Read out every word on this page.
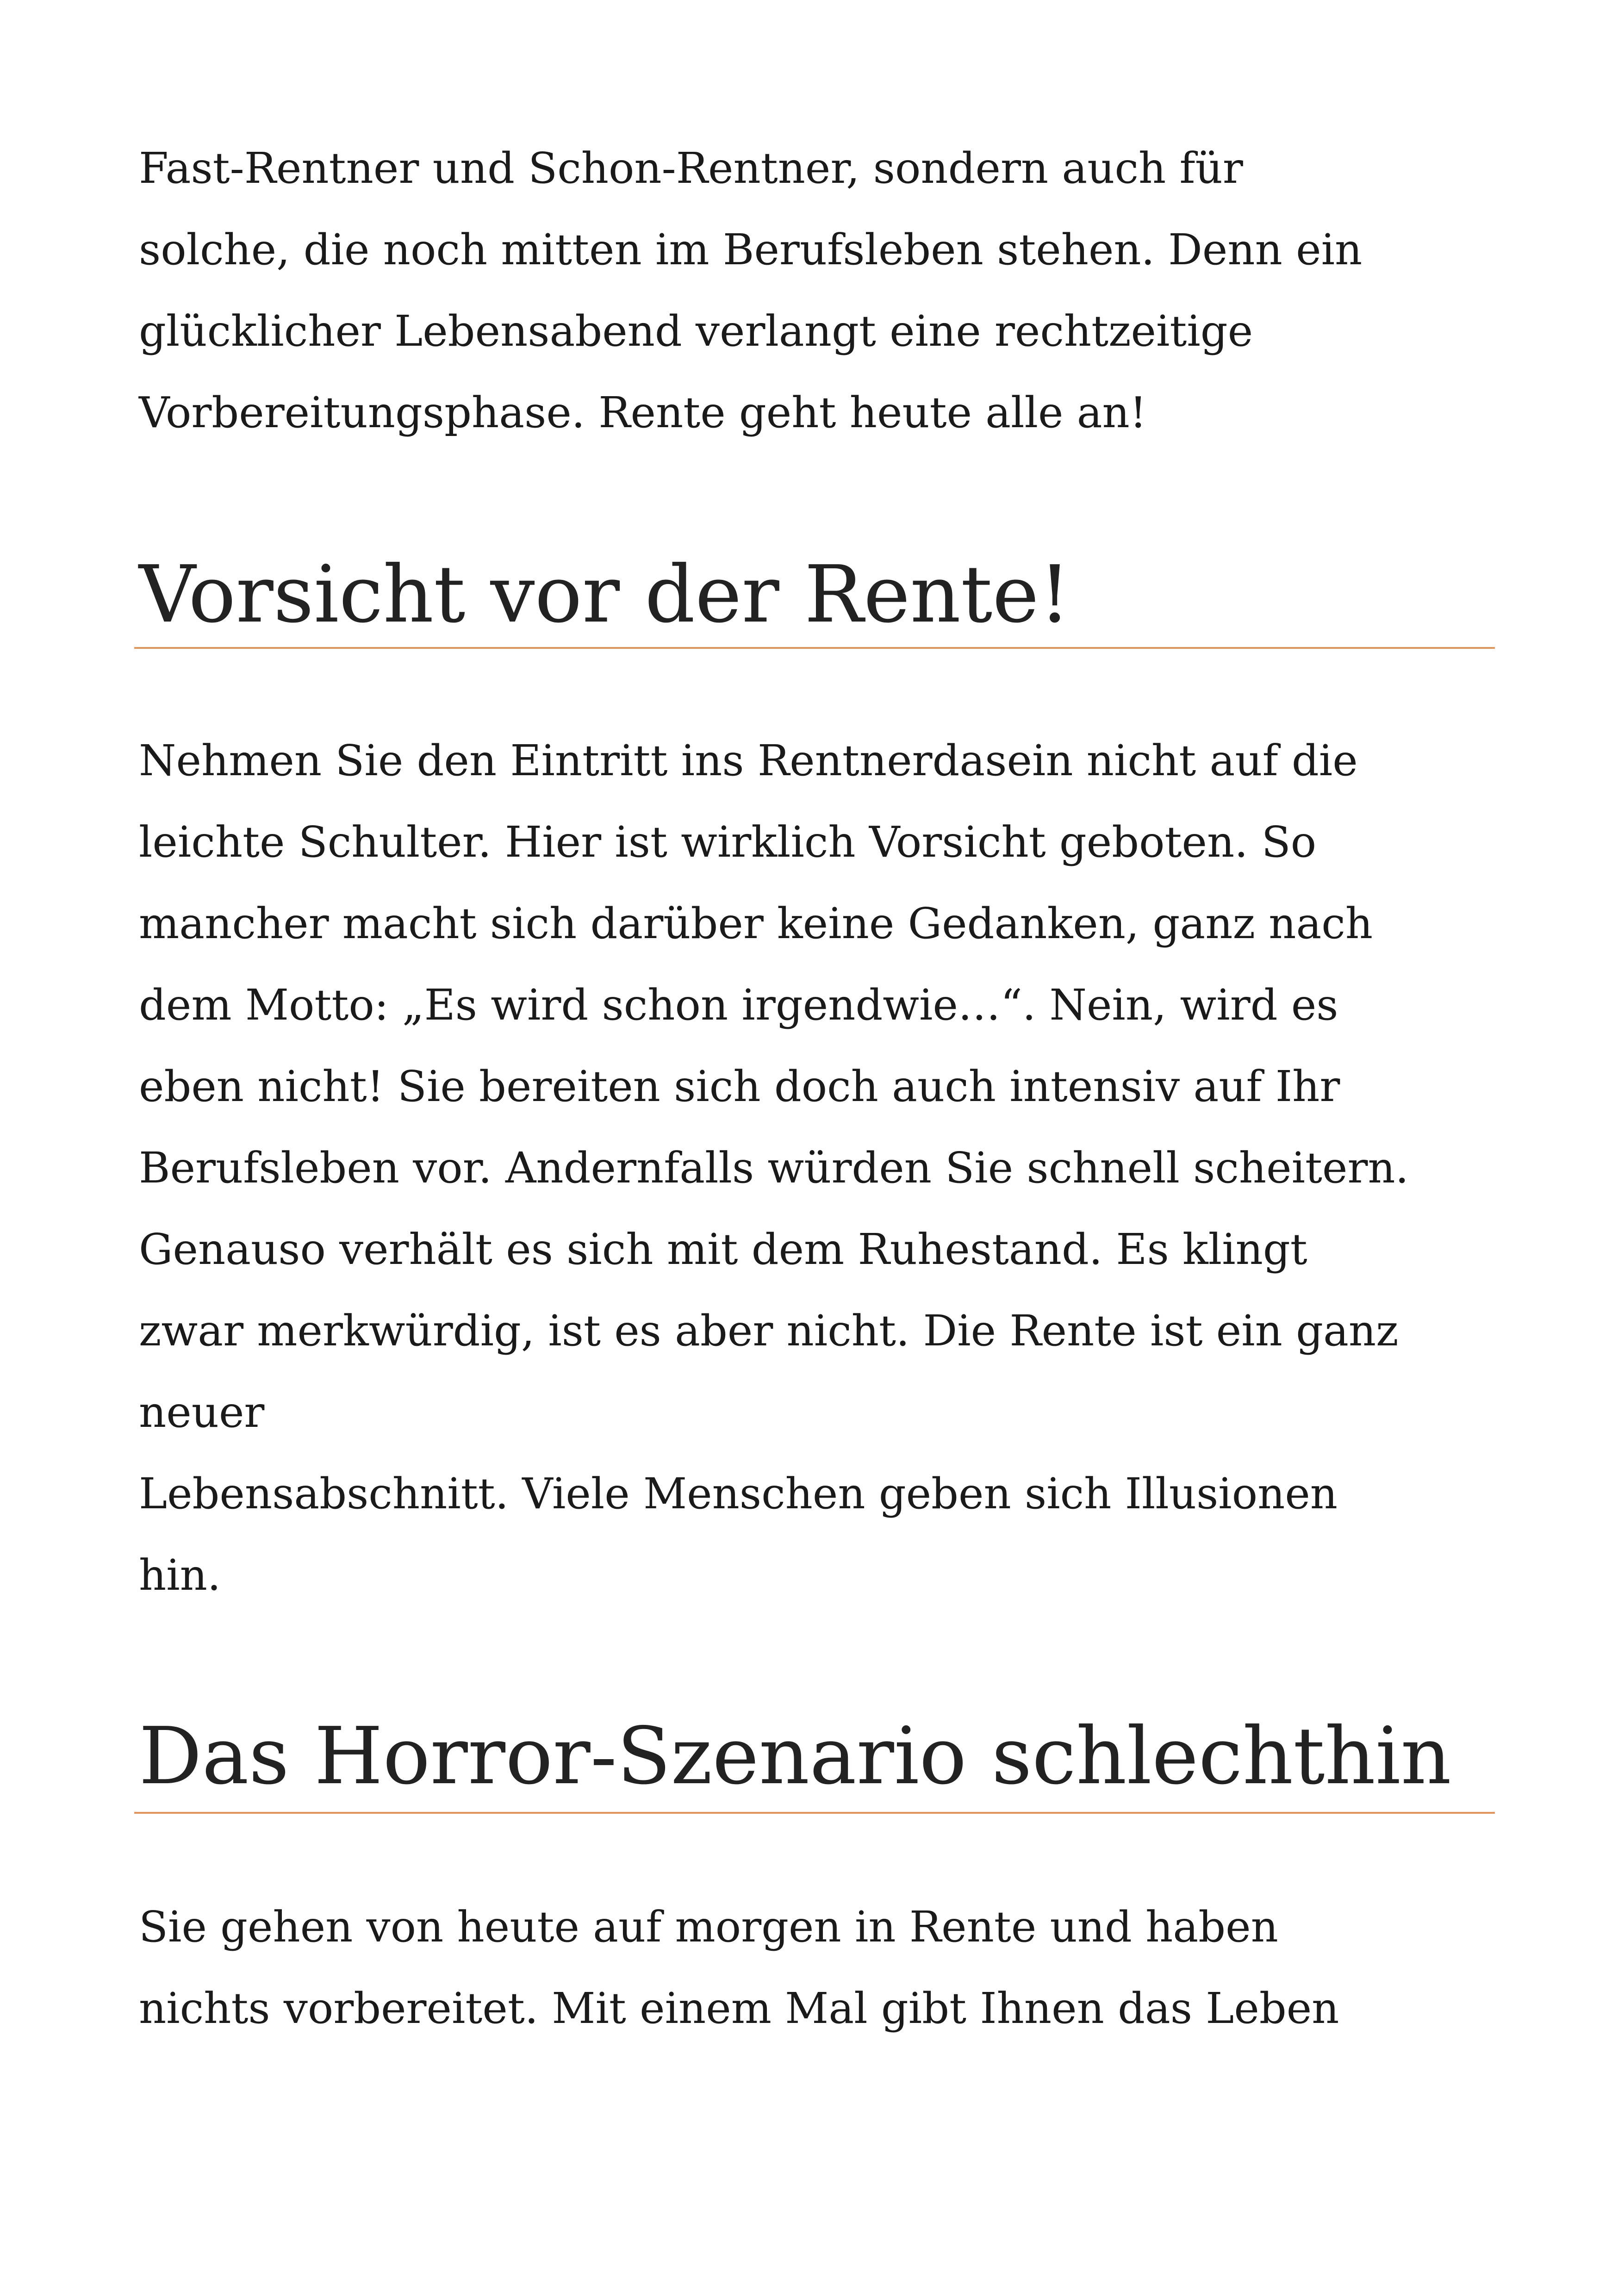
Fast-Rentner und Schon-Rentner, sondern auch für
solche, die noch mitten im Berufsleben stehen. Denn ein
glücklicher Lebensabend verlangt eine rechtzeitige
Vorbereitungsphase. Rente geht heute alle an!

Vorsicht vor der Rente!

Nehmen Sie den Eintritt ins Rentnerdasein nicht auf die
leichte Schulter. Hier ist wirklich Vorsicht geboten. So
mancher macht sich darüber keine Gedanken, ganz nach
dem Motto: „Es wird schon irgendwie…“. Nein, wird es
eben nicht! Sie bereiten sich doch auch intensiv auf Ihr
Berufsleben vor. Andernfalls würden Sie schnell scheitern.
Genauso verhält es sich mit dem Ruhestand. Es klingt
zwar merkwürdig, ist es aber nicht. Die Rente ist ein ganz
neuer
Lebensabschnitt. Viele Menschen geben sich Illusionen
hin.

Das Horror-Szenario schlechthin

Sie gehen von heute auf morgen in Rente und haben
nichts vorbereitet. Mit einem Mal gibt Ihnen das Leben
